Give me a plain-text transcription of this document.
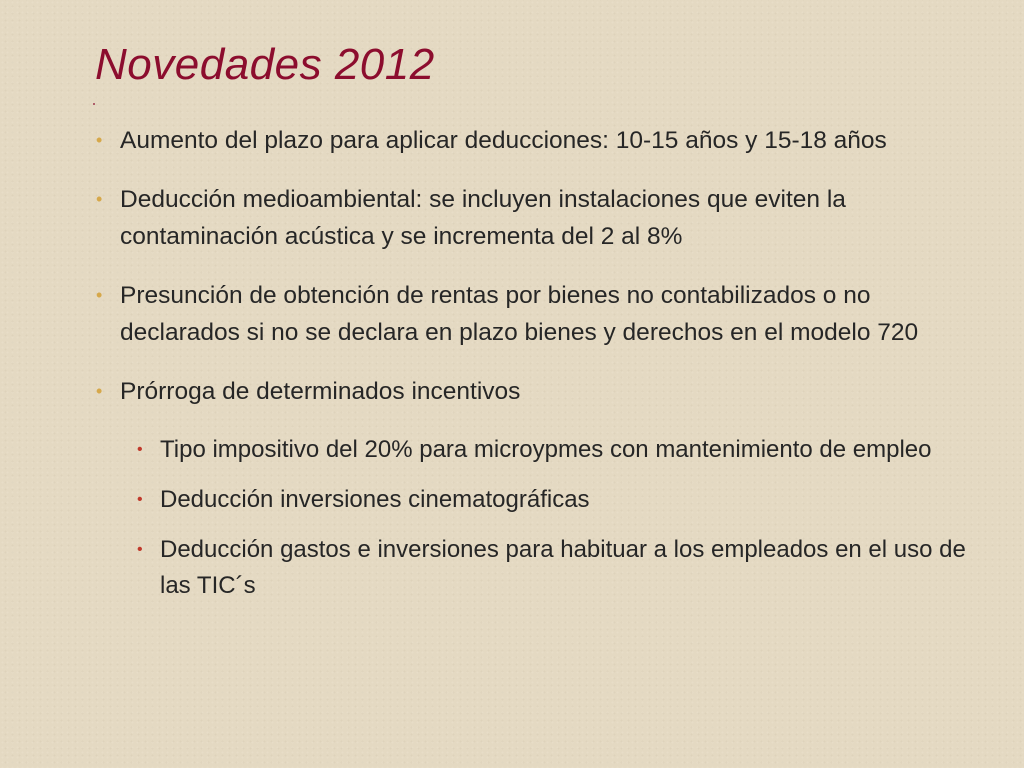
Novedades 2012
• Aumento del plazo para aplicar deducciones: 10-15 años y 15-18 años
• Deducción medioambiental: se incluyen instalaciones que eviten la contaminación acústica y se incrementa del 2 al 8%
• Presunción de obtención de rentas por bienes no contabilizados o no declarados si no se declara en plazo bienes y derechos en el modelo 720
• Prórroga de determinados incentivos
• Tipo impositivo del 20% para microypmes con mantenimiento de empleo
• Deducción inversiones cinematográficas
• Deducción gastos e inversiones para habituar a los empleados en el uso de las TIC´s
